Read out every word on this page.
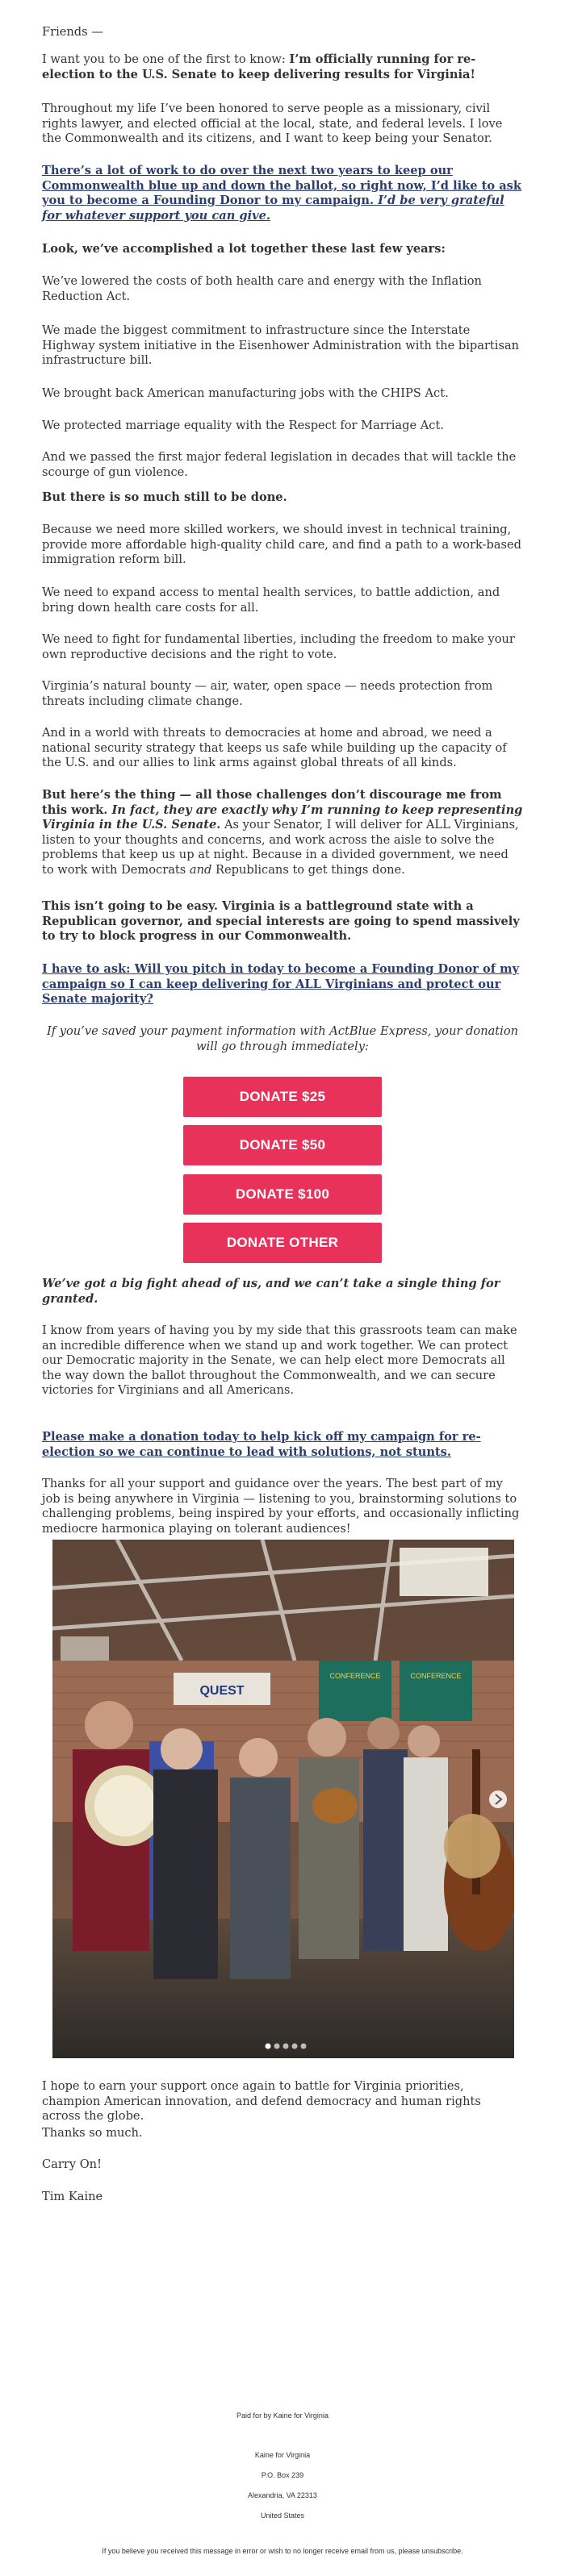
Friends —

I want you to be one of the first to know: I’m officially running for re-election to the U.S. Senate to keep delivering results for Virginia!

Throughout my life I’ve been honored to serve people as a missionary, civil rights lawyer, and elected official at the local, state, and federal levels. I love the Commonwealth and its citizens, and I want to keep being your Senator.

There’s a lot of work to do over the next two years to keep our Commonwealth blue up and down the ballot, so right now, I’d like to ask you to become a Founding Donor to my campaign. I’d be very grateful for whatever support you can give.

Look, we’ve accomplished a lot together these last few years:

We’ve lowered the costs of both health care and energy with the Inflation Reduction Act.

We made the biggest commitment to infrastructure since the Interstate Highway system initiative in the Eisenhower Administration with the bipartisan infrastructure bill.

We brought back American manufacturing jobs with the CHIPS Act.

We protected marriage equality with the Respect for Marriage Act.

And we passed the first major federal legislation in decades that will tackle the scourge of gun violence.

But there is so much still to be done.

Because we need more skilled workers, we should invest in technical training, provide more affordable high-quality child care, and find a path to a work-based immigration reform bill.

We need to expand access to mental health services, to battle addiction, and bring down health care costs for all.

We need to fight for fundamental liberties, including the freedom to make your own reproductive decisions and the right to vote.

Virginia’s natural bounty — air, water, open space — needs protection from threats including climate change.

And in a world with threats to democracies at home and abroad, we need a national security strategy that keeps us safe while building up the capacity of the U.S. and our allies to link arms against global threats of all kinds.

But here’s the thing — all those challenges don’t discourage me from this work. In fact, they are exactly why I’m running to keep representing Virginia in the U.S. Senate. As your Senator, I will deliver for ALL Virginians, listen to your thoughts and concerns, and work across the aisle to solve the problems that keep us up at night. Because in a divided government, we need to work with Democrats and Republicans to get things done.

This isn’t going to be easy. Virginia is a battleground state with a Republican governor, and special interests are going to spend massively to try to block progress in our Commonwealth.

I have to ask: Will you pitch in today to become a Founding Donor of my campaign so I can keep delivering for ALL Virginians and protect our Senate majority?

If you’ve saved your payment information with ActBlue Express, your donation will go through immediately:

DONATE $25
DONATE $50
DONATE $100
DONATE OTHER

We’ve got a big fight ahead of us, and we can’t take a single thing for granted.

I know from years of having you by my side that this grassroots team can make an incredible difference when we stand up and work together. We can protect our Democratic majority in the Senate, we can help elect more Democrats all the way down the ballot throughout the Commonwealth, and we can secure victories for Virginians and all Americans.

Please make a donation today to help kick off my campaign for re-election so we can continue to lead with solutions, not stunts.

Thanks for all your support and guidance over the years. The best part of my job is being anywhere in Virginia — listening to you, brainstorming solutions to challenging problems, being inspired by your efforts, and occasionally inflicting mediocre harmonica playing on tolerant audiences!

QUEST
CONFERENCE	CONFERENCE

I hope to earn your support once again to battle for Virginia priorities, champion American innovation, and defend democracy and human rights across the globe.

Thanks so much.

Carry On!

Tim Kaine

Paid for by Kaine for Virginia
Kaine for Virginia
P.O. Box 239
Alexandria, VA 22313
United States
If you believe you received this message in error or wish to no longer receive email from us, please unsubscribe.
